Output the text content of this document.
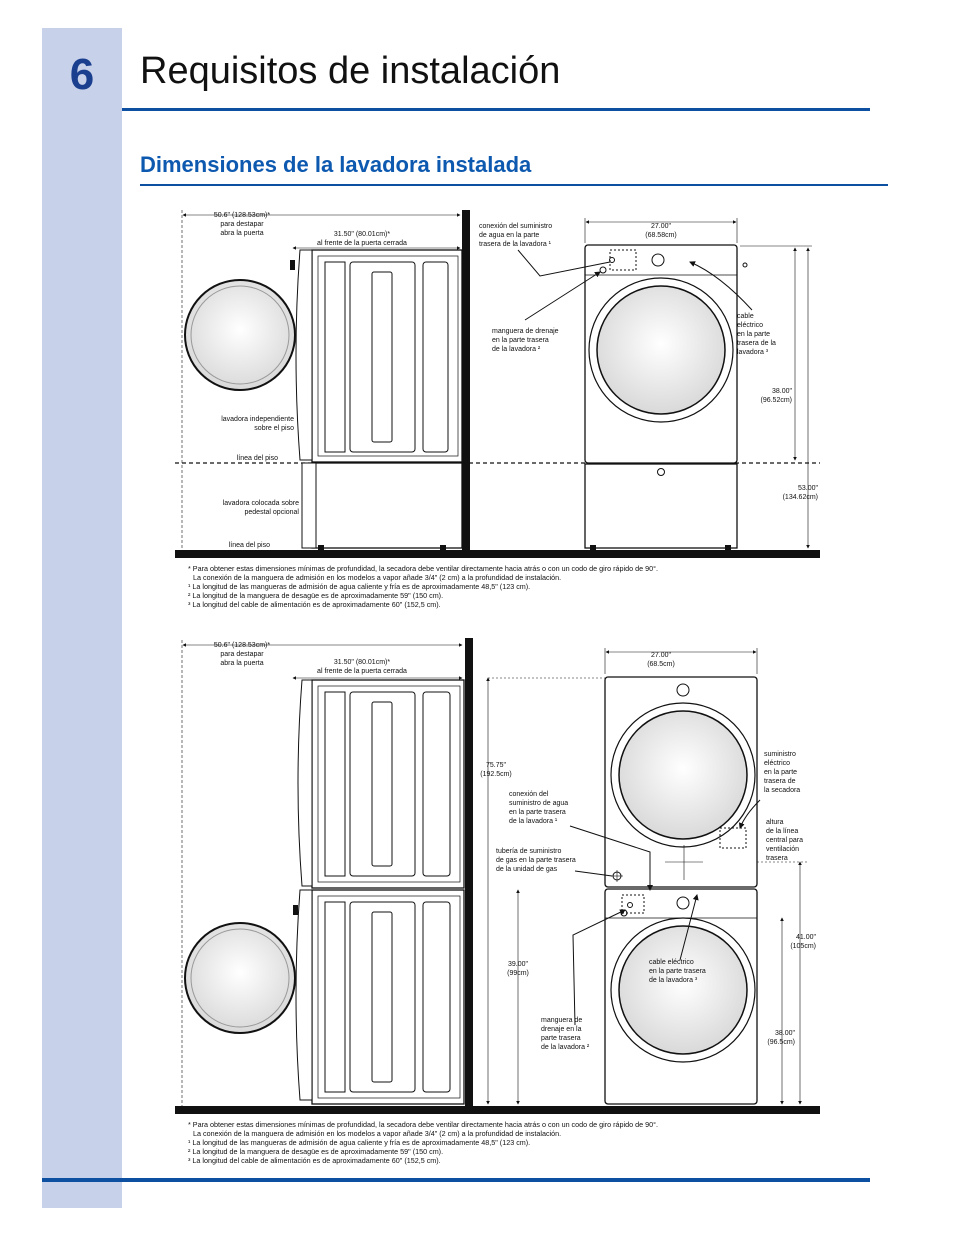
6	Requisitos de instalación
Dimensiones de la lavadora instalada
50.6" (128.53cm)*
para destapar
abra la puerta	31.50" (80.01cm)*
al frente de la puerta cerrada
lavadora independiente
sobre el piso
línea del piso
lavadora colocada sobre
pedestal opcional
línea del piso
conexión del suministro
de agua en la parte
trasera de la lavadora ¹
27.00"
(68.58cm)
manguera de drenaje
en la parte trasera
de la lavadora ²
cable
eléctrico
en la parte
trasera de la
lavadora ³
38.00"
(96.52cm)
53.00"
(134.62cm)
50.6" (128.53cm)*
para destapar
abra la puerta	31.50" (80.01cm)*
al frente de la puerta cerrada
27.00"
(68.5cm)
75.75"
(192.5cm)
conexión del
suministro de agua
en la parte trasera
de la lavadora ¹
tubería de suministro
de gas en la parte trasera
de la unidad de gas
39.00"
(99cm)
manguera de
drenaje en la
parte trasera
de la lavadora ²
cable eléctrico
en la parte trasera
de la lavadora ³
suministro
eléctrico
en la parte
trasera de
la secadora
altura
de la línea
central para
ventilación
trasera
41.00"
(105cm)
38.00"
(96.5cm)
* Para obtener estas dimensiones mínimas de profundidad, la secadora debe ventilar directamente hacia atrás o con un codo de giro rápido de 90°.
La conexión de la manguera de admisión en los modelos a vapor añade 3/4" (2 cm) a la profundidad de instalación.
¹ La longitud de las mangueras de admisión de agua caliente y fría es de aproximadamente 48,5" (123 cm).
² La longitud de la manguera de desagüe es de aproximadamente 59" (150 cm).
³ La longitud del cable de alimentación es de aproximadamente 60" (152,5 cm).
* Para obtener estas dimensiones mínimas de profundidad, la secadora debe ventilar directamente hacia atrás o con un codo de giro rápido de 90°.
La conexión de la manguera de admisión en los modelos a vapor añade 3/4" (2 cm) a la profundidad de instalación.
¹ La longitud de las mangueras de admisión de agua caliente y fría es de aproximadamente 48,5" (123 cm).
² La longitud de la manguera de desagüe es de aproximadamente 59" (150 cm).
³ La longitud del cable de alimentación es de aproximadamente 60" (152,5 cm).
